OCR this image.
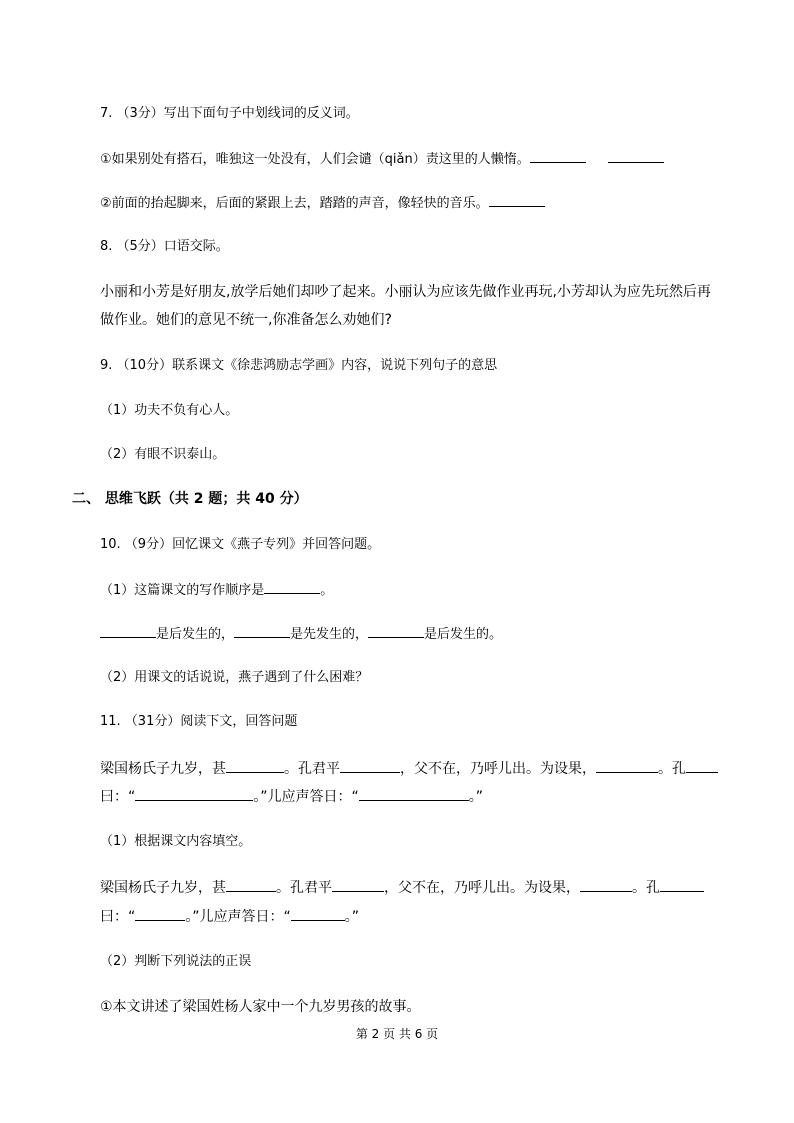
7. （3分）写出下面句子中划线词的反义词。
①如果别处有搭石，唯独这一处没有，人们会谴（qiǎn）责这里的人懒惰。
②前面的抬起脚来，后面的紧跟上去，踏踏的声音，像轻快的音乐。
8. （5分）口语交际。
小丽和小芳是好朋友,放学后她们却吵了起来。小丽认为应该先做作业再玩,小芳却认为应先玩然后再
做作业。她们的意见不统一,你准备怎么劝她们?
9. （10分）联系课文《徐悲鸿励志学画》内容，说说下列句子的意思
（1）功夫不负有心人。
（2）有眼不识泰山。
二、 思维飞跃（共 2 题；共 40 分）
10. （9分）回忆课文《燕子专列》并回答问题。
（1）这篇课文的写作顺序是	。
是后发生的，	是先发生的，	是后发生的。
（2）用课文的话说说，燕子遇到了什么困难？
11. （31分）阅读下文，回答问题
梁国杨氏子九岁，甚	。孔君平	，父不在，乃呼儿出。为设果，	。孔
曰：“	。”儿应声答日：“	。”
（1）根据课文内容填空。
梁国杨氏子九岁，甚	。孔君平	，父不在，乃呼儿出。为设果，	。孔
曰：“	。”儿应声答日：“	。”
（2）判断下列说法的正误
①本文讲述了梁国姓杨人家中一个九岁男孩的故事。
第 2 页 共 6 页
